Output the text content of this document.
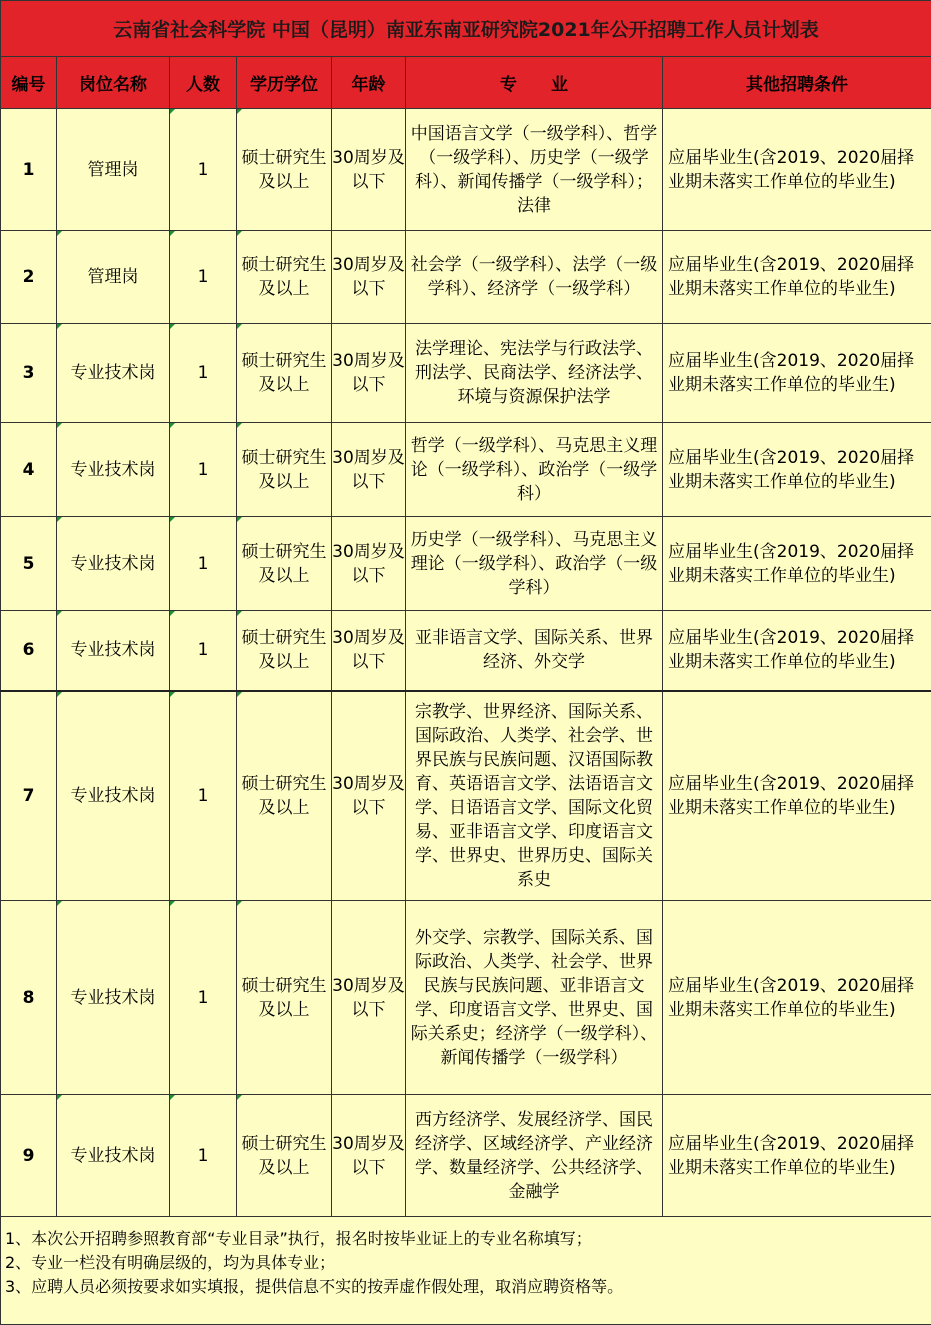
云南省社会科学院 中国（昆明）南亚东南亚研究院2021年公开招聘工作人员计划表						
编号	岗位名称	人数	学历学位	年龄	专　　业	其他招聘条件
1	管理岗	1	硕士研究生及以上	30周岁及以下	中国语言文学（一级学科）、哲学（一级学科）、历史学（一级学科）、新闻传播学（一级学科）；法律	应届毕业生(含2019、2020届择业期未落实工作单位的毕业生)
2	管理岗	1	硕士研究生及以上	30周岁及以下	社会学（一级学科）、法学（一级学科）、经济学（一级学科）	应届毕业生(含2019、2020届择业期未落实工作单位的毕业生)
3	专业技术岗	1	硕士研究生及以上	30周岁及以下	法学理论、宪法学与行政法学、刑法学、民商法学、经济法学、环境与资源保护法学	应届毕业生(含2019、2020届择业期未落实工作单位的毕业生)
4	专业技术岗	1	硕士研究生及以上	30周岁及以下	哲学（一级学科）、马克思主义理论（一级学科）、政治学（一级学科）	应届毕业生(含2019、2020届择业期未落实工作单位的毕业生)
5	专业技术岗	1	硕士研究生及以上	30周岁及以下	历史学（一级学科）、马克思主义理论（一级学科）、政治学（一级学科）	应届毕业生(含2019、2020届择业期未落实工作单位的毕业生)
6	专业技术岗	1	硕士研究生及以上	30周岁及以下	亚非语言文学、国际关系、世界经济、外交学	应届毕业生(含2019、2020届择业期未落实工作单位的毕业生)
7	专业技术岗	1	硕士研究生及以上	30周岁及以下	宗教学、世界经济、国际关系、国际政治、人类学、社会学、世界民族与民族问题、汉语国际教育、英语语言文学、法语语言文学、日语语言文学、国际文化贸易、亚非语言文学、印度语言文学、世界史、世界历史、国际关系史	应届毕业生(含2019、2020届择业期未落实工作单位的毕业生)
8	专业技术岗	1	硕士研究生及以上	30周岁及以下	外交学、宗教学、国际关系、国际政治、人类学、社会学、世界民族与民族问题、亚非语言文学、印度语言文学、世界史、国际关系史；经济学（一级学科）、新闻传播学（一级学科）	应届毕业生(含2019、2020届择业期未落实工作单位的毕业生)
9	专业技术岗	1	硕士研究生及以上	30周岁及以下	西方经济学、发展经济学、国民经济学、区域经济学、产业经济学、数量经济学、公共经济学、金融学	应届毕业生(含2019、2020届择业期未落实工作单位的毕业生)

1、本次公开招聘参照教育部“专业目录”执行，报名时按毕业证上的专业名称填写；
2、专业一栏没有明确层级的，均为具体专业；
3、应聘人员必须按要求如实填报，提供信息不实的按弄虚作假处理，取消应聘资格等。						
